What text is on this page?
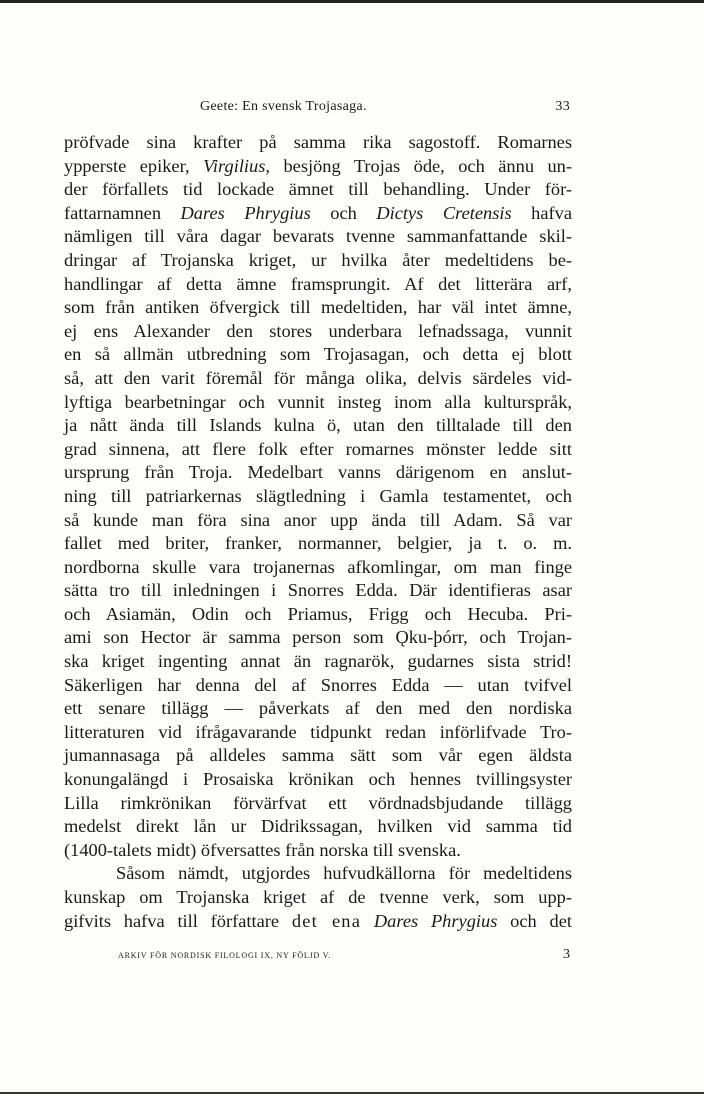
Geete: En svensk Trojasaga.	33
pröfvade sina krafter på samma rika sagostoff. Romarnes
ypperste epiker, Virgilius, besjöng Trojas öde, och ännu un-
der förfallets tid lockade ämnet till behandling. Under för-
fattarnamnen Dares Phrygius och Dictys Cretensis hafva
nämligen till våra dagar bevarats tvenne sammanfattande skil-
dringar af Trojanska kriget, ur hvilka åter medeltidens be-
handlingar af detta ämne framsprungit. Af det litterära arf,
som från antiken öfvergick till medeltiden, har väl intet ämne,
ej ens Alexander den stores underbara lefnadssaga, vunnit
en så allmän utbredning som Trojasagan, och detta ej blott
så, att den varit föremål för många olika, delvis särdeles vid-
lyftiga bearbetningar och vunnit insteg inom alla kulturspråk,
ja nått ända till Islands kulna ö, utan den tilltalade till den
grad sinnena, att flere folk efter romarnes mönster ledde sitt
ursprung från Troja. Medelbart vanns därigenom en anslut-
ning till patriarkernas slägtledning i Gamla testamentet, och
så kunde man föra sina anor upp ända till Adam. Så var
fallet med briter, franker, normanner, belgier, ja t. o. m.
nordborna skulle vara trojanernas afkomlingar, om man finge
sätta tro till inledningen i Snorres Edda. Där identifieras asar
och Asiamän, Odin och Priamus, Frigg och Hecuba. Pri-
ami son Hector är samma person som Ǫku-þórr, och Trojan-
ska kriget ingenting annat än ragnarök, gudarnes sista strid!
Säkerligen har denna del af Snorres Edda — utan tvifvel
ett senare tillägg — påverkats af den med den nordiska
litteraturen vid ifrågavarande tidpunkt redan införlifvade Tro-
jumannasaga på alldeles samma sätt som vår egen äldsta
konungalängd i Prosaiska krönikan och hennes tvillingsyster
Lilla rimkrönikan förvärfvat ett vördnadsbjudande tillägg
medelst direkt lån ur Didrikssagan, hvilken vid samma tid
(1400-talets midt) öfversattes från norska till svenska.
Såsom nämdt, utgjordes hufvudkällorna för medeltidens
kunskap om Trojanska kriget af de tvenne verk, som upp-
gifvits hafva till författare det ena Dares Phrygius och det
ARKIV FÖR NORDISK FILOLOGI IX, NY FÖLJD V.	3
